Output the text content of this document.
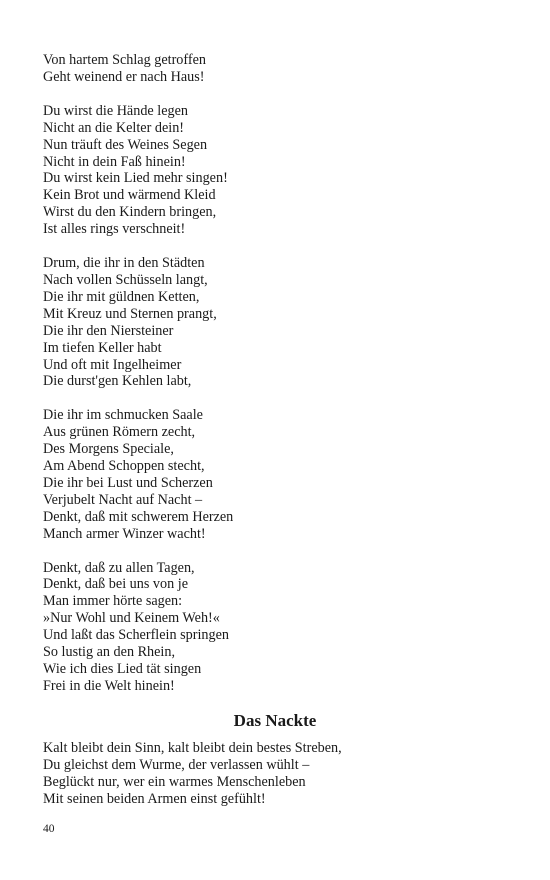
Von hartem Schlag getroffen
Geht weinend er nach Haus!
Du wirst die Hände legen
Nicht an die Kelter dein!
Nun träuft des Weines Segen
Nicht in dein Faß hinein!
Du wirst kein Lied mehr singen!
Kein Brot und wärmend Kleid
Wirst du den Kindern bringen,
Ist alles rings verschneit!
Drum, die ihr in den Städten
Nach vollen Schüsseln langt,
Die ihr mit güldnen Ketten,
Mit Kreuz und Sternen prangt,
Die ihr den Niersteiner
Im tiefen Keller habt
Und oft mit Ingelheimer
Die durst'gen Kehlen labt,
Die ihr im schmucken Saale
Aus grünen Römern zecht,
Des Morgens Speciale,
Am Abend Schoppen stecht,
Die ihr bei Lust und Scherzen
Verjubelt Nacht auf Nacht –
Denkt, daß mit schwerem Herzen
Manch armer Winzer wacht!
Denkt, daß zu allen Tagen,
Denkt, daß bei uns von je
Man immer hörte sagen:
»Nur Wohl und Keinem Weh!«
Und laßt das Scherflein springen
So lustig an den Rhein,
Wie ich dies Lied tät singen
Frei in die Welt hinein!
Das Nackte
Kalt bleibt dein Sinn, kalt bleibt dein bestes Streben,
Du gleichst dem Wurme, der verlassen wühlt –
Beglückt nur, wer ein warmes Menschenleben
Mit seinen beiden Armen einst gefühlt!
40
